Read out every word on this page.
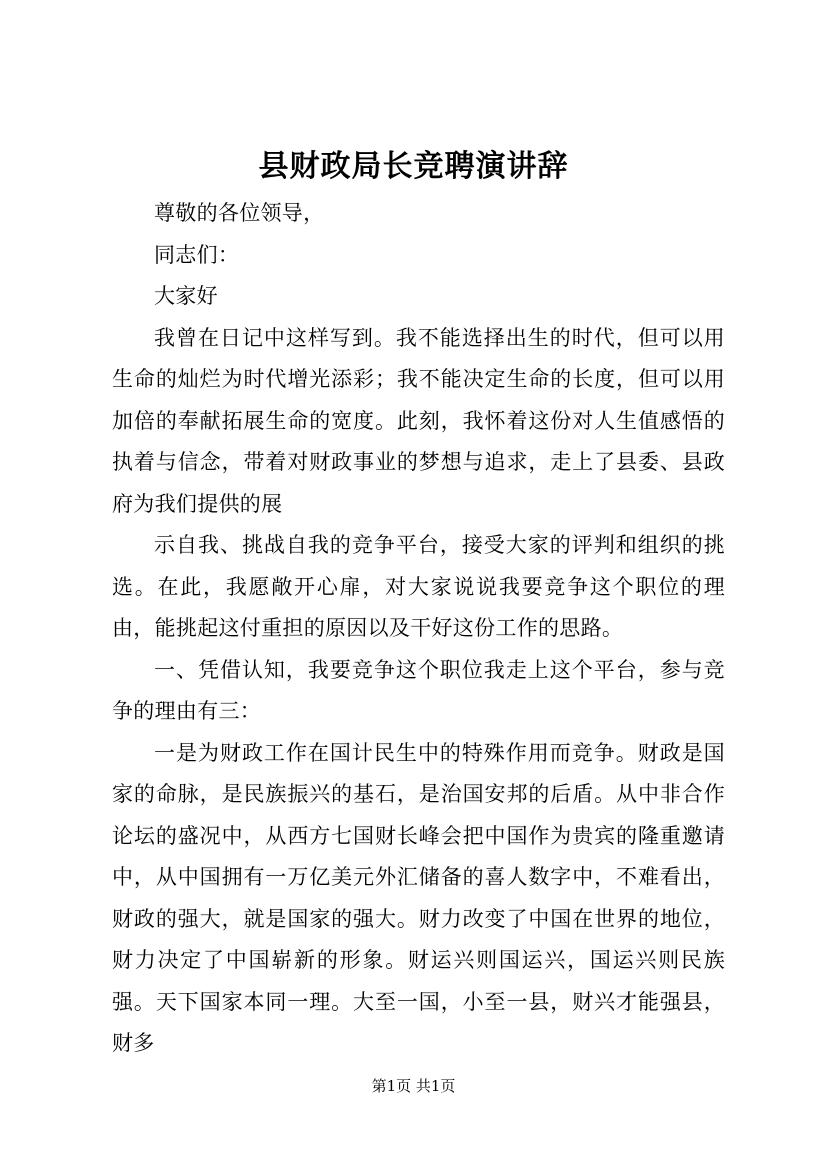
县财政局长竞聘演讲辞

尊敬的各位领导，

同志们：

大家好

我曾在日记中这样写到。我不能选择出生的时代，但可以用生命的灿烂为时代增光添彩；我不能决定生命的长度，但可以用加倍的奉献拓展生命的宽度。此刻，我怀着这份对人生值感悟的执着与信念，带着对财政事业的梦想与追求，走上了县委、县政府为我们提供的展

示自我、挑战自我的竞争平台，接受大家的评判和组织的挑选。在此，我愿敞开心扉，对大家说说我要竞争这个职位的理由，能挑起这付重担的原因以及干好这份工作的思路。

一、凭借认知，我要竞争这个职位我走上这个平台，参与竞争的理由有三：

一是为财政工作在国计民生中的特殊作用而竞争。财政是国家的命脉，是民族振兴的基石，是治国安邦的后盾。从中非合作论坛的盛况中，从西方七国财长峰会把中国作为贵宾的隆重邀请中，从中国拥有一万亿美元外汇储备的喜人数字中，不难看出，财政的强大，就是国家的强大。财力改变了中国在世界的地位，财力决定了中国崭新的形象。财运兴则国运兴，国运兴则民族强。天下国家本同一理。大至一国，小至一县，财兴才能强县，财多

第1页 共1页
